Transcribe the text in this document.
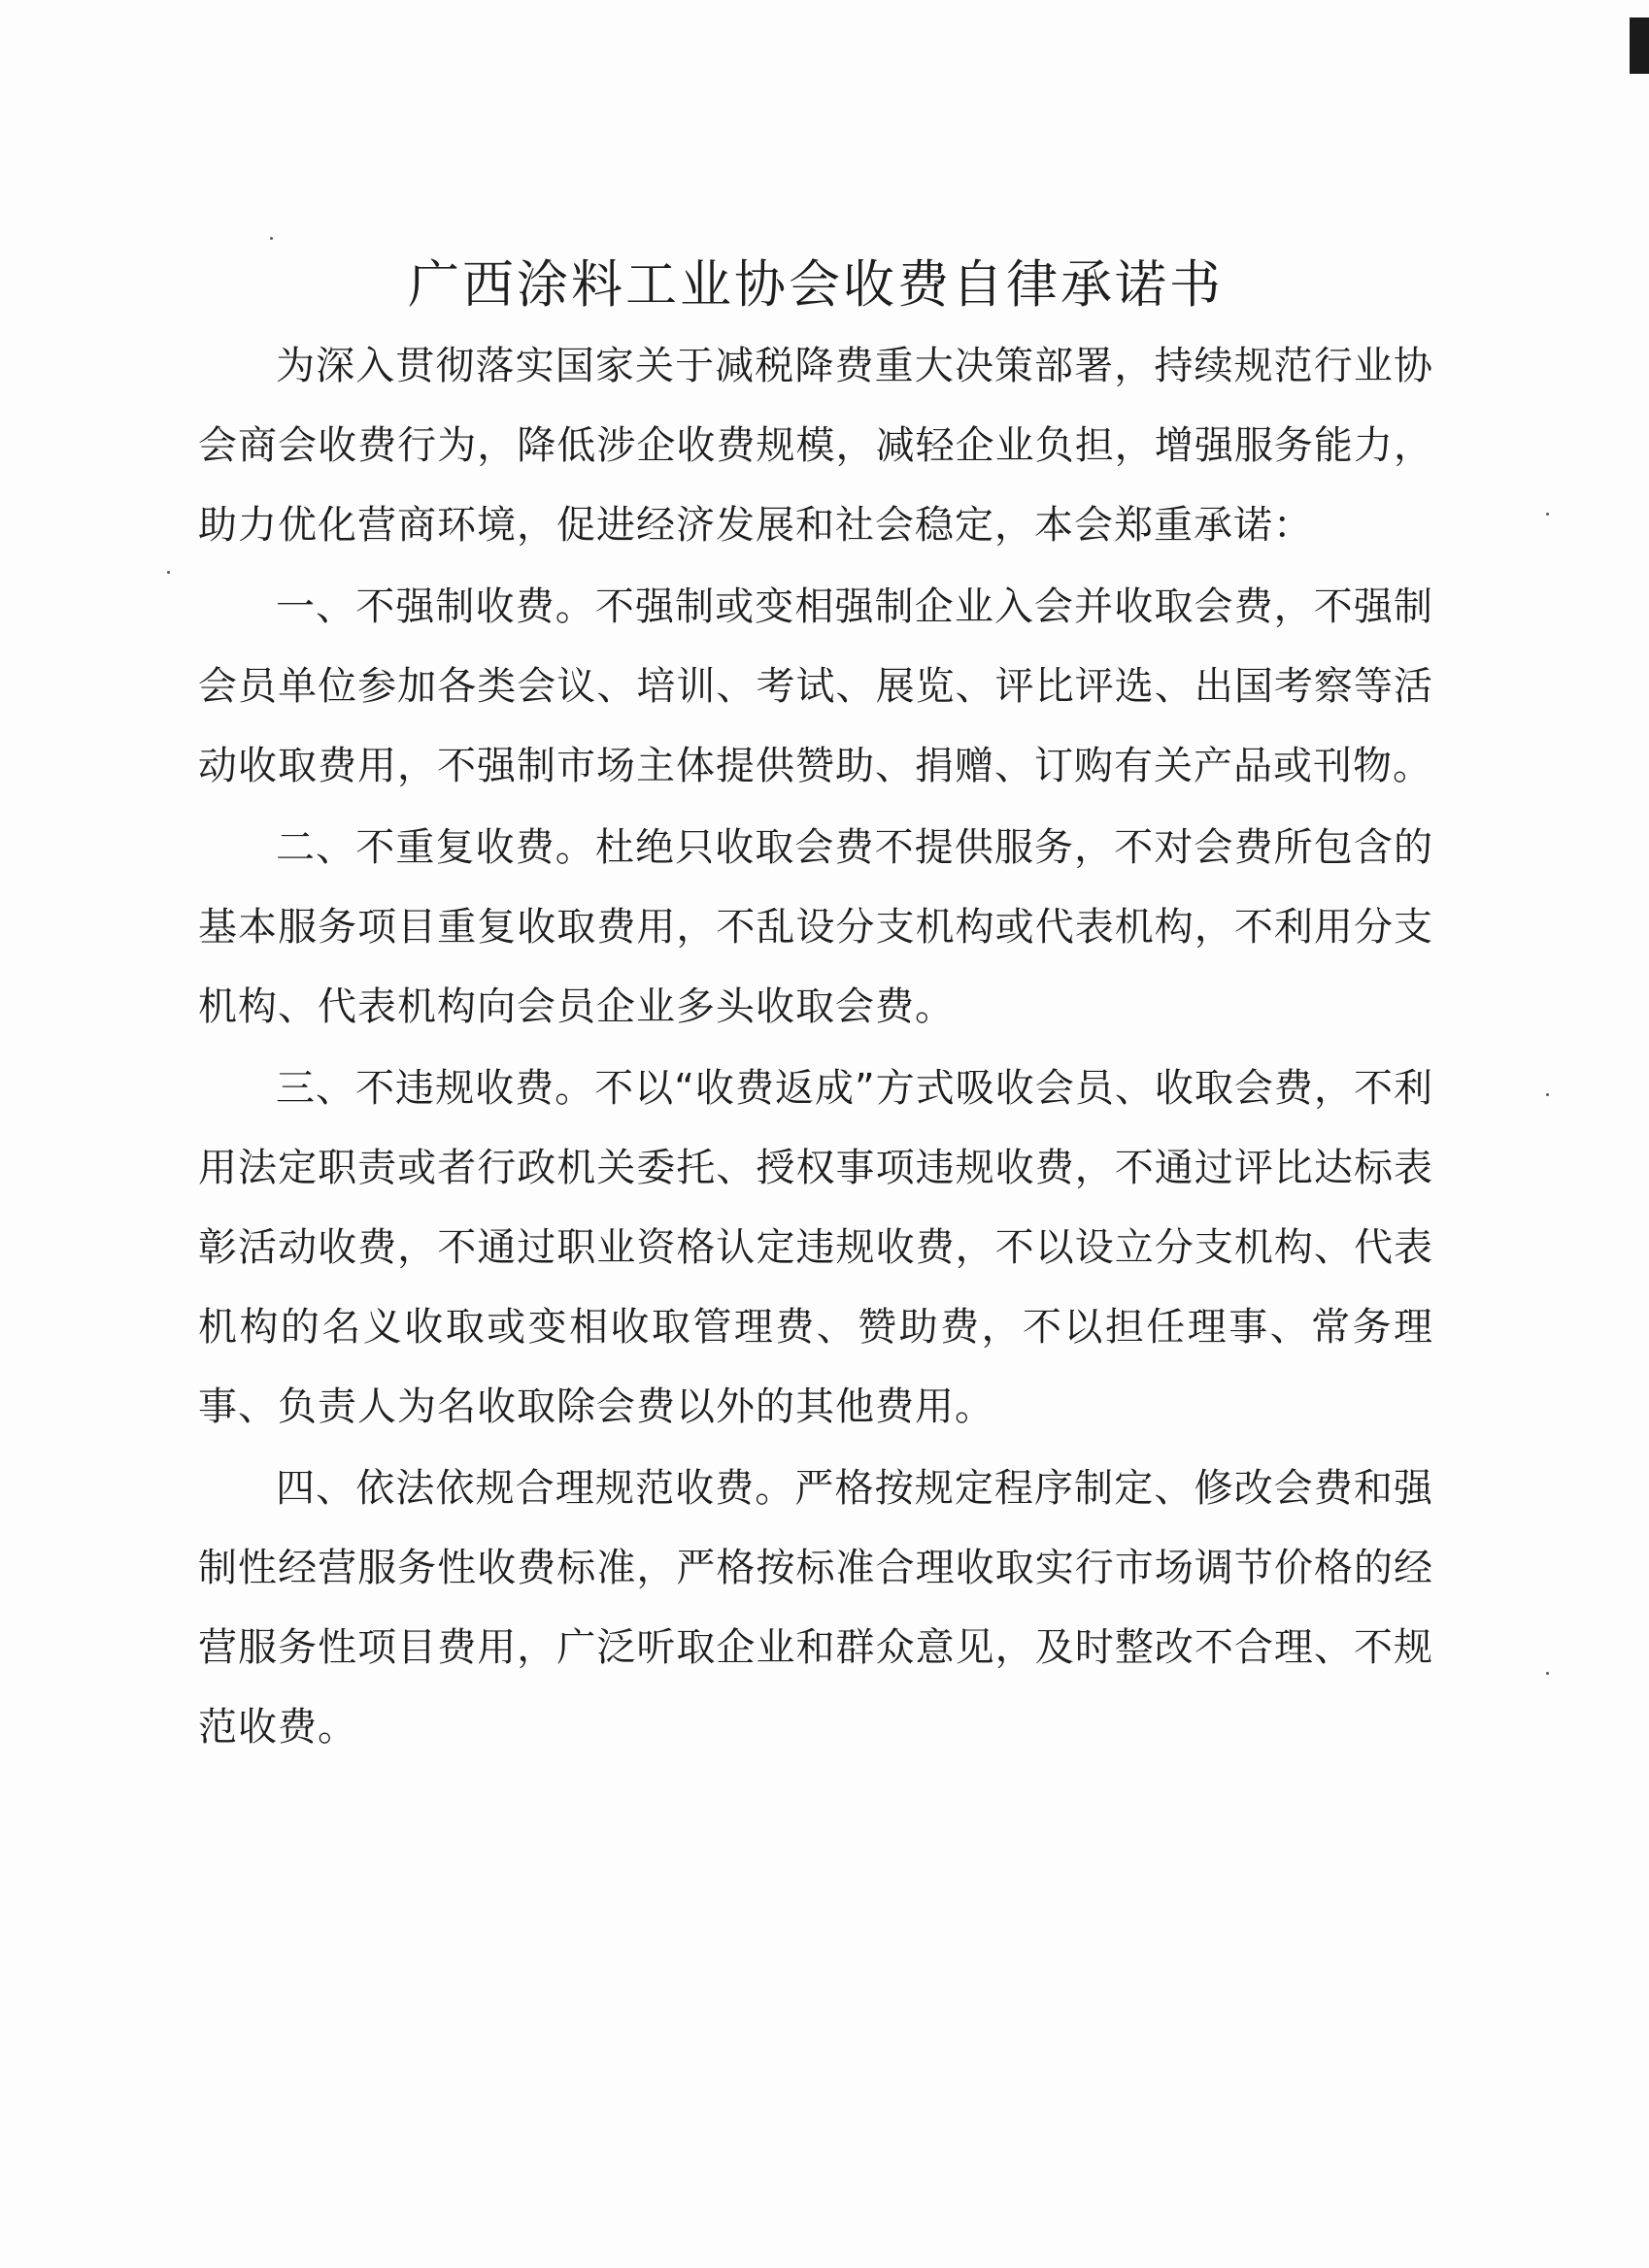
广西涂料工业协会收费自律承诺书

为深入贯彻落实国家关于减税降费重大决策部署，持续规范行业协会商会收费行为，降低涉企收费规模，减轻企业负担，增强服务能力，助力优化营商环境，促进经济发展和社会稳定，本会郑重承诺：

一、不强制收费。不强制或变相强制企业入会并收取会费，不强制会员单位参加各类会议、培训、考试、展览、评比评选、出国考察等活动收取费用，不强制市场主体提供赞助、捐赠、订购有关产品或刊物。

二、不重复收费。杜绝只收取会费不提供服务，不对会费所包含的基本服务项目重复收取费用，不乱设分支机构或代表机构，不利用分支机构、代表机构向会员企业多头收取会费。

三、不违规收费。不以“收费返成”方式吸收会员、收取会费，不利用法定职责或者行政机关委托、授权事项违规收费，不通过评比达标表彰活动收费，不通过职业资格认定违规收费，不以设立分支机构、代表机构的名义收取或变相收取管理费、赞助费，不以担任理事、常务理事、负责人为名收取除会费以外的其他费用。

四、依法依规合理规范收费。严格按规定程序制定、修改会费和强制性经营服务性收费标准，严格按标准合理收取实行市场调节价格的经营服务性项目费用，广泛听取企业和群众意见，及时整改不合理、不规范收费。
